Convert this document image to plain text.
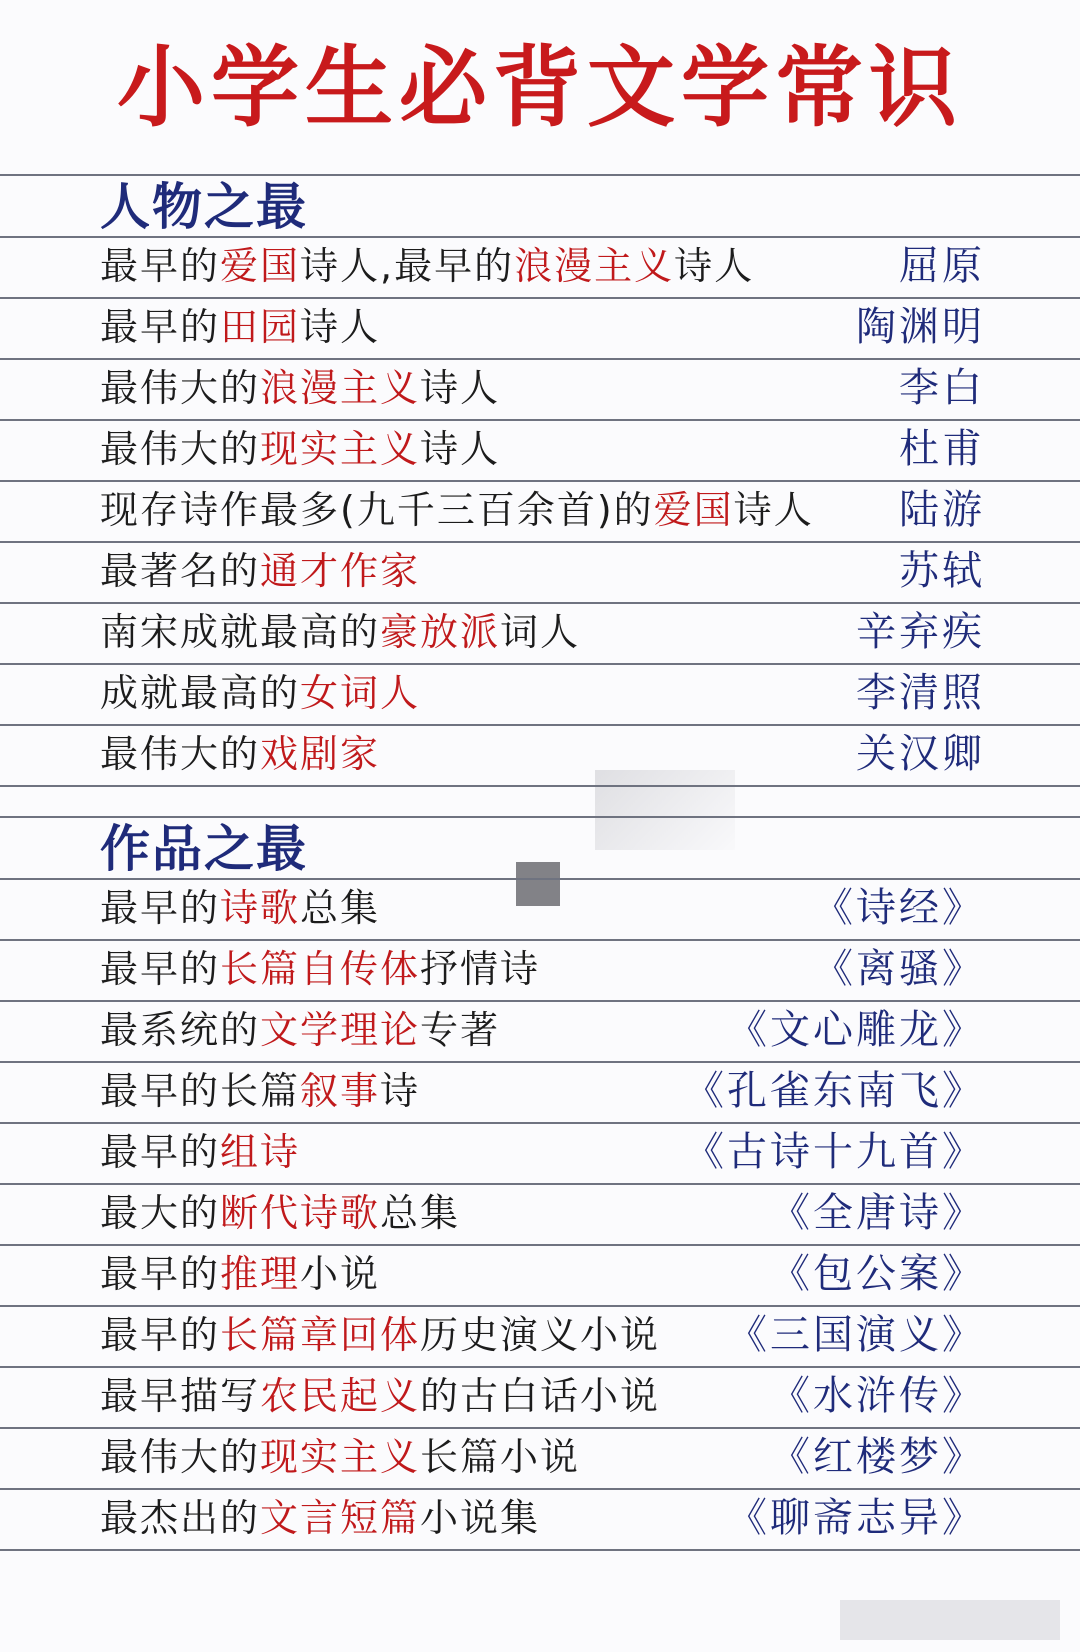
小学生必背文学常识
人物之最
最早的爱国诗人,最早的浪漫主义诗人	屈原
最早的田园诗人	陶渊明
最伟大的浪漫主义诗人	李白
最伟大的现实主义诗人	杜甫
现存诗作最多(九千三百余首)的爱国诗人 陆游
最著名的通才作家	苏轼
南宋成就最高的豪放派词人	辛弃疾
成就最高的女词人	李清照
最伟大的戏剧家	关汉卿
作品之最
最早的诗歌总集	《诗经》
最早的长篇自传体抒情诗	《离骚》
最系统的文学理论专著	《文心雕龙》
最早的长篇叙事诗	《孔雀东南飞》
最早的组诗	《古诗十九首》
最大的断代诗歌总集	《全唐诗》
最早的推理小说	《包公案》
最早的长篇章回体历史演义小说 《三国演义》
最早描写农民起义的古白话小说	《水浒传》
最伟大的现实主义长篇小说	《红楼梦》
最杰出的文言短篇小说集	《聊斋志异》
